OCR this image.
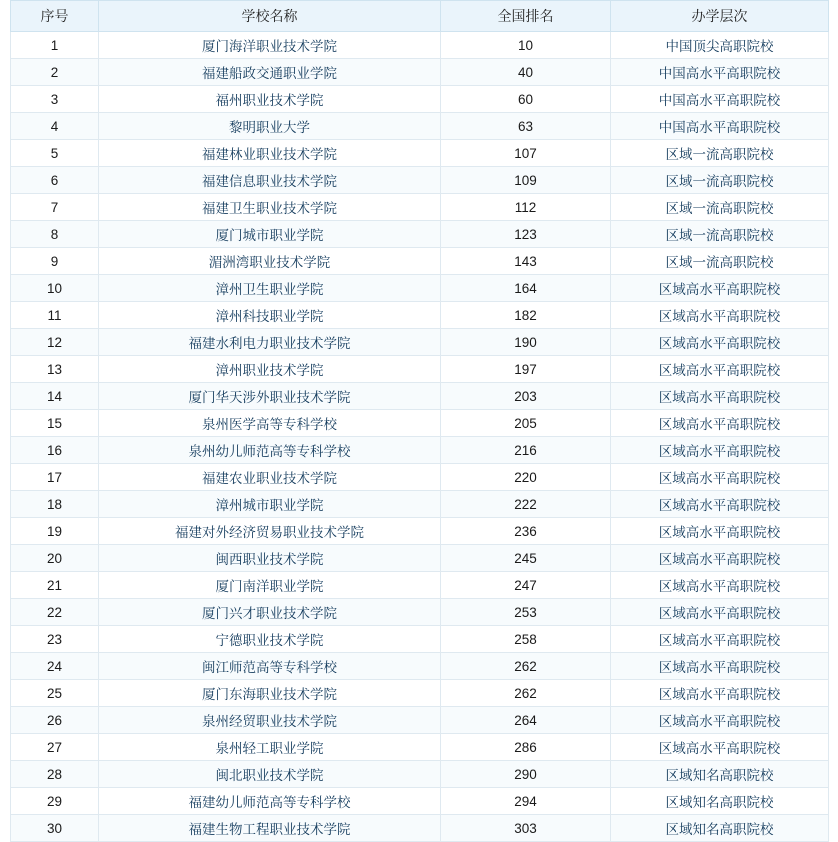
序号	学校名称	全国排名	办学层次
1	厦门海洋职业技术学院	10	中国顶尖高职院校
2	福建船政交通职业学院	40	中国高水平高职院校
3	福州职业技术学院	60	中国高水平高职院校
4	黎明职业大学	63	中国高水平高职院校
5	福建林业职业技术学院	107	区域一流高职院校
6	福建信息职业技术学院	109	区域一流高职院校
7	福建卫生职业技术学院	112	区域一流高职院校
8	厦门城市职业学院	123	区域一流高职院校
9	湄洲湾职业技术学院	143	区域一流高职院校
10	漳州卫生职业学院	164	区域高水平高职院校
11	漳州科技职业学院	182	区域高水平高职院校
12	福建水利电力职业技术学院	190	区域高水平高职院校
13	漳州职业技术学院	197	区域高水平高职院校
14	厦门华天涉外职业技术学院	203	区域高水平高职院校
15	泉州医学高等专科学校	205	区域高水平高职院校
16	泉州幼儿师范高等专科学校	216	区域高水平高职院校
17	福建农业职业技术学院	220	区域高水平高职院校
18	漳州城市职业学院	222	区域高水平高职院校
19	福建对外经济贸易职业技术学院	236	区域高水平高职院校
20	闽西职业技术学院	245	区域高水平高职院校
21	厦门南洋职业学院	247	区域高水平高职院校
22	厦门兴才职业技术学院	253	区域高水平高职院校
23	宁德职业技术学院	258	区域高水平高职院校
24	闽江师范高等专科学校	262	区域高水平高职院校
25	厦门东海职业技术学院	262	区域高水平高职院校
26	泉州经贸职业技术学院	264	区域高水平高职院校
27	泉州轻工职业学院	286	区域高水平高职院校
28	闽北职业技术学院	290	区域知名高职院校
29	福建幼儿师范高等专科学校	294	区域知名高职院校
30	福建生物工程职业技术学院	303	区域知名高职院校
